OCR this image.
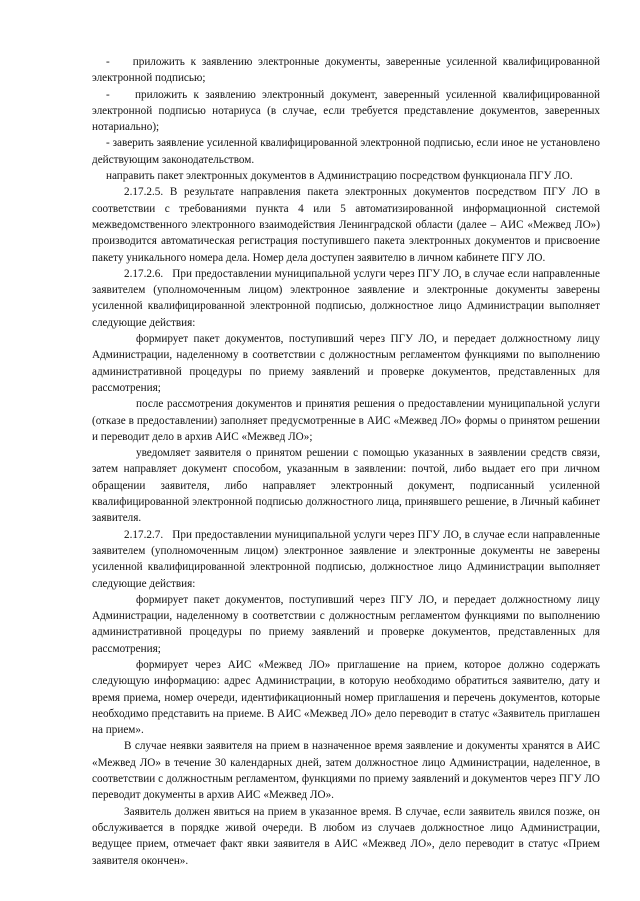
-    приложить к заявлению электронные документы, заверенные усиленной квалифицированной электронной подписью;

-    приложить к заявлению электронный документ, заверенный усиленной квалифицированной электронной подписью нотариуса (в случае, если требуется представление документов, заверенных нотариально);

- заверить заявление усиленной квалифицированной электронной подписью, если иное не установлено действующим законодательством.

направить пакет электронных документов в Администрацию посредством функционала ПГУ ЛО.

2.17.2.5. В результате направления пакета электронных документов посредством ПГУ ЛО в соответствии с требованиями пункта 4 или 5 автоматизированной информационной системой межведомственного электронного взаимодействия Ленинградской области (далее – АИС «Межвед ЛО») производится автоматическая регистрация поступившего пакета электронных документов и присвоение пакету уникального номера дела. Номер дела доступен заявителю в личном кабинете ПГУ ЛО.

2.17.2.6.   При предоставлении муниципальной услуги через ПГУ ЛО, в случае если направленные заявителем (уполномоченным лицом) электронное заявление и электронные документы заверены усиленной квалифицированной электронной подписью, должностное лицо Администрации выполняет следующие действия:

формирует пакет документов, поступивший через ПГУ ЛО, и передает должностному лицу Администрации, наделенному в соответствии с должностным регламентом функциями по выполнению административной процедуры по приему заявлений и проверке документов, представленных для рассмотрения;

после рассмотрения документов и принятия решения о предоставлении муниципальной услуги (отказе в предоставлении) заполняет предусмотренные в АИС «Межвед ЛО» формы о принятом решении и переводит дело в архив АИС «Межвед ЛО»;

уведомляет заявителя о принятом решении с помощью указанных в заявлении средств связи, затем направляет документ способом, указанным в заявлении: почтой, либо выдает его при личном обращении заявителя, либо направляет электронный документ, подписанный усиленной квалифицированной электронной подписью должностного лица, принявшего решение, в Личный кабинет заявителя.

2.17.2.7.   При предоставлении муниципальной услуги через ПГУ ЛО, в случае если направленные заявителем (уполномоченным лицом) электронное заявление и электронные документы не заверены усиленной квалифицированной электронной подписью, должностное лицо Администрации выполняет следующие действия:

формирует пакет документов, поступивший через ПГУ ЛО, и передает должностному лицу Администрации, наделенному в соответствии с должностным регламентом функциями по выполнению административной процедуры по приему заявлений и проверке документов, представленных для рассмотрения;

формирует через АИС «Межвед ЛО» приглашение на прием, которое должно содержать следующую информацию: адрес Администрации, в которую необходимо обратиться заявителю, дату и время приема, номер очереди, идентификационный номер приглашения и перечень документов, которые необходимо представить на приеме. В АИС «Межвед ЛО» дело переводит в статус «Заявитель приглашен на прием».

В случае неявки заявителя на прием в назначенное время заявление и документы хранятся в АИС «Межвед ЛО» в течение 30 календарных дней, затем должностное лицо Администрации, наделенное, в соответствии с должностным регламентом, функциями по приему заявлений и документов через ПГУ ЛО переводит документы в архив АИС «Межвед ЛО».

Заявитель должен явиться на прием в указанное время. В случае, если заявитель явился позже, он обслуживается в порядке живой очереди. В любом из случаев должностное лицо Администрации, ведущее прием, отмечает факт явки заявителя в АИС «Межвед ЛО», дело переводит в статус «Прием заявителя окончен».
